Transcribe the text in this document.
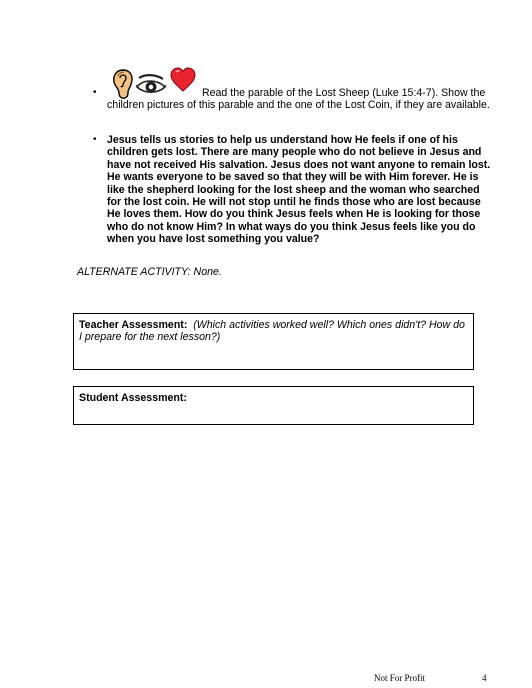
•	Read the parable of the Lost Sheep (Luke 15:4-7). Show the
children pictures of this parable and the one of the Lost Coin, if they are available.
• Jesus tells us stories to help us understand how He feels if one of his children gets lost. There are many people who do not believe in Jesus and have not received His salvation. Jesus does not want anyone to remain lost. He wants everyone to be saved so that they will be with Him forever. He is like the shepherd looking for the lost sheep and the woman who searched for the lost coin. He will not stop until he finds those who are lost because He loves them. How do you think Jesus feels when He is looking for those who do not know Him? In what ways do you think Jesus feels like you do when you have lost something you value?
ALTERNATE ACTIVITY: None.
Teacher Assessment: (Which activities worked well? Which ones didn't? How do I prepare for the next lesson?)
Student Assessment:
Not For Profit	4
